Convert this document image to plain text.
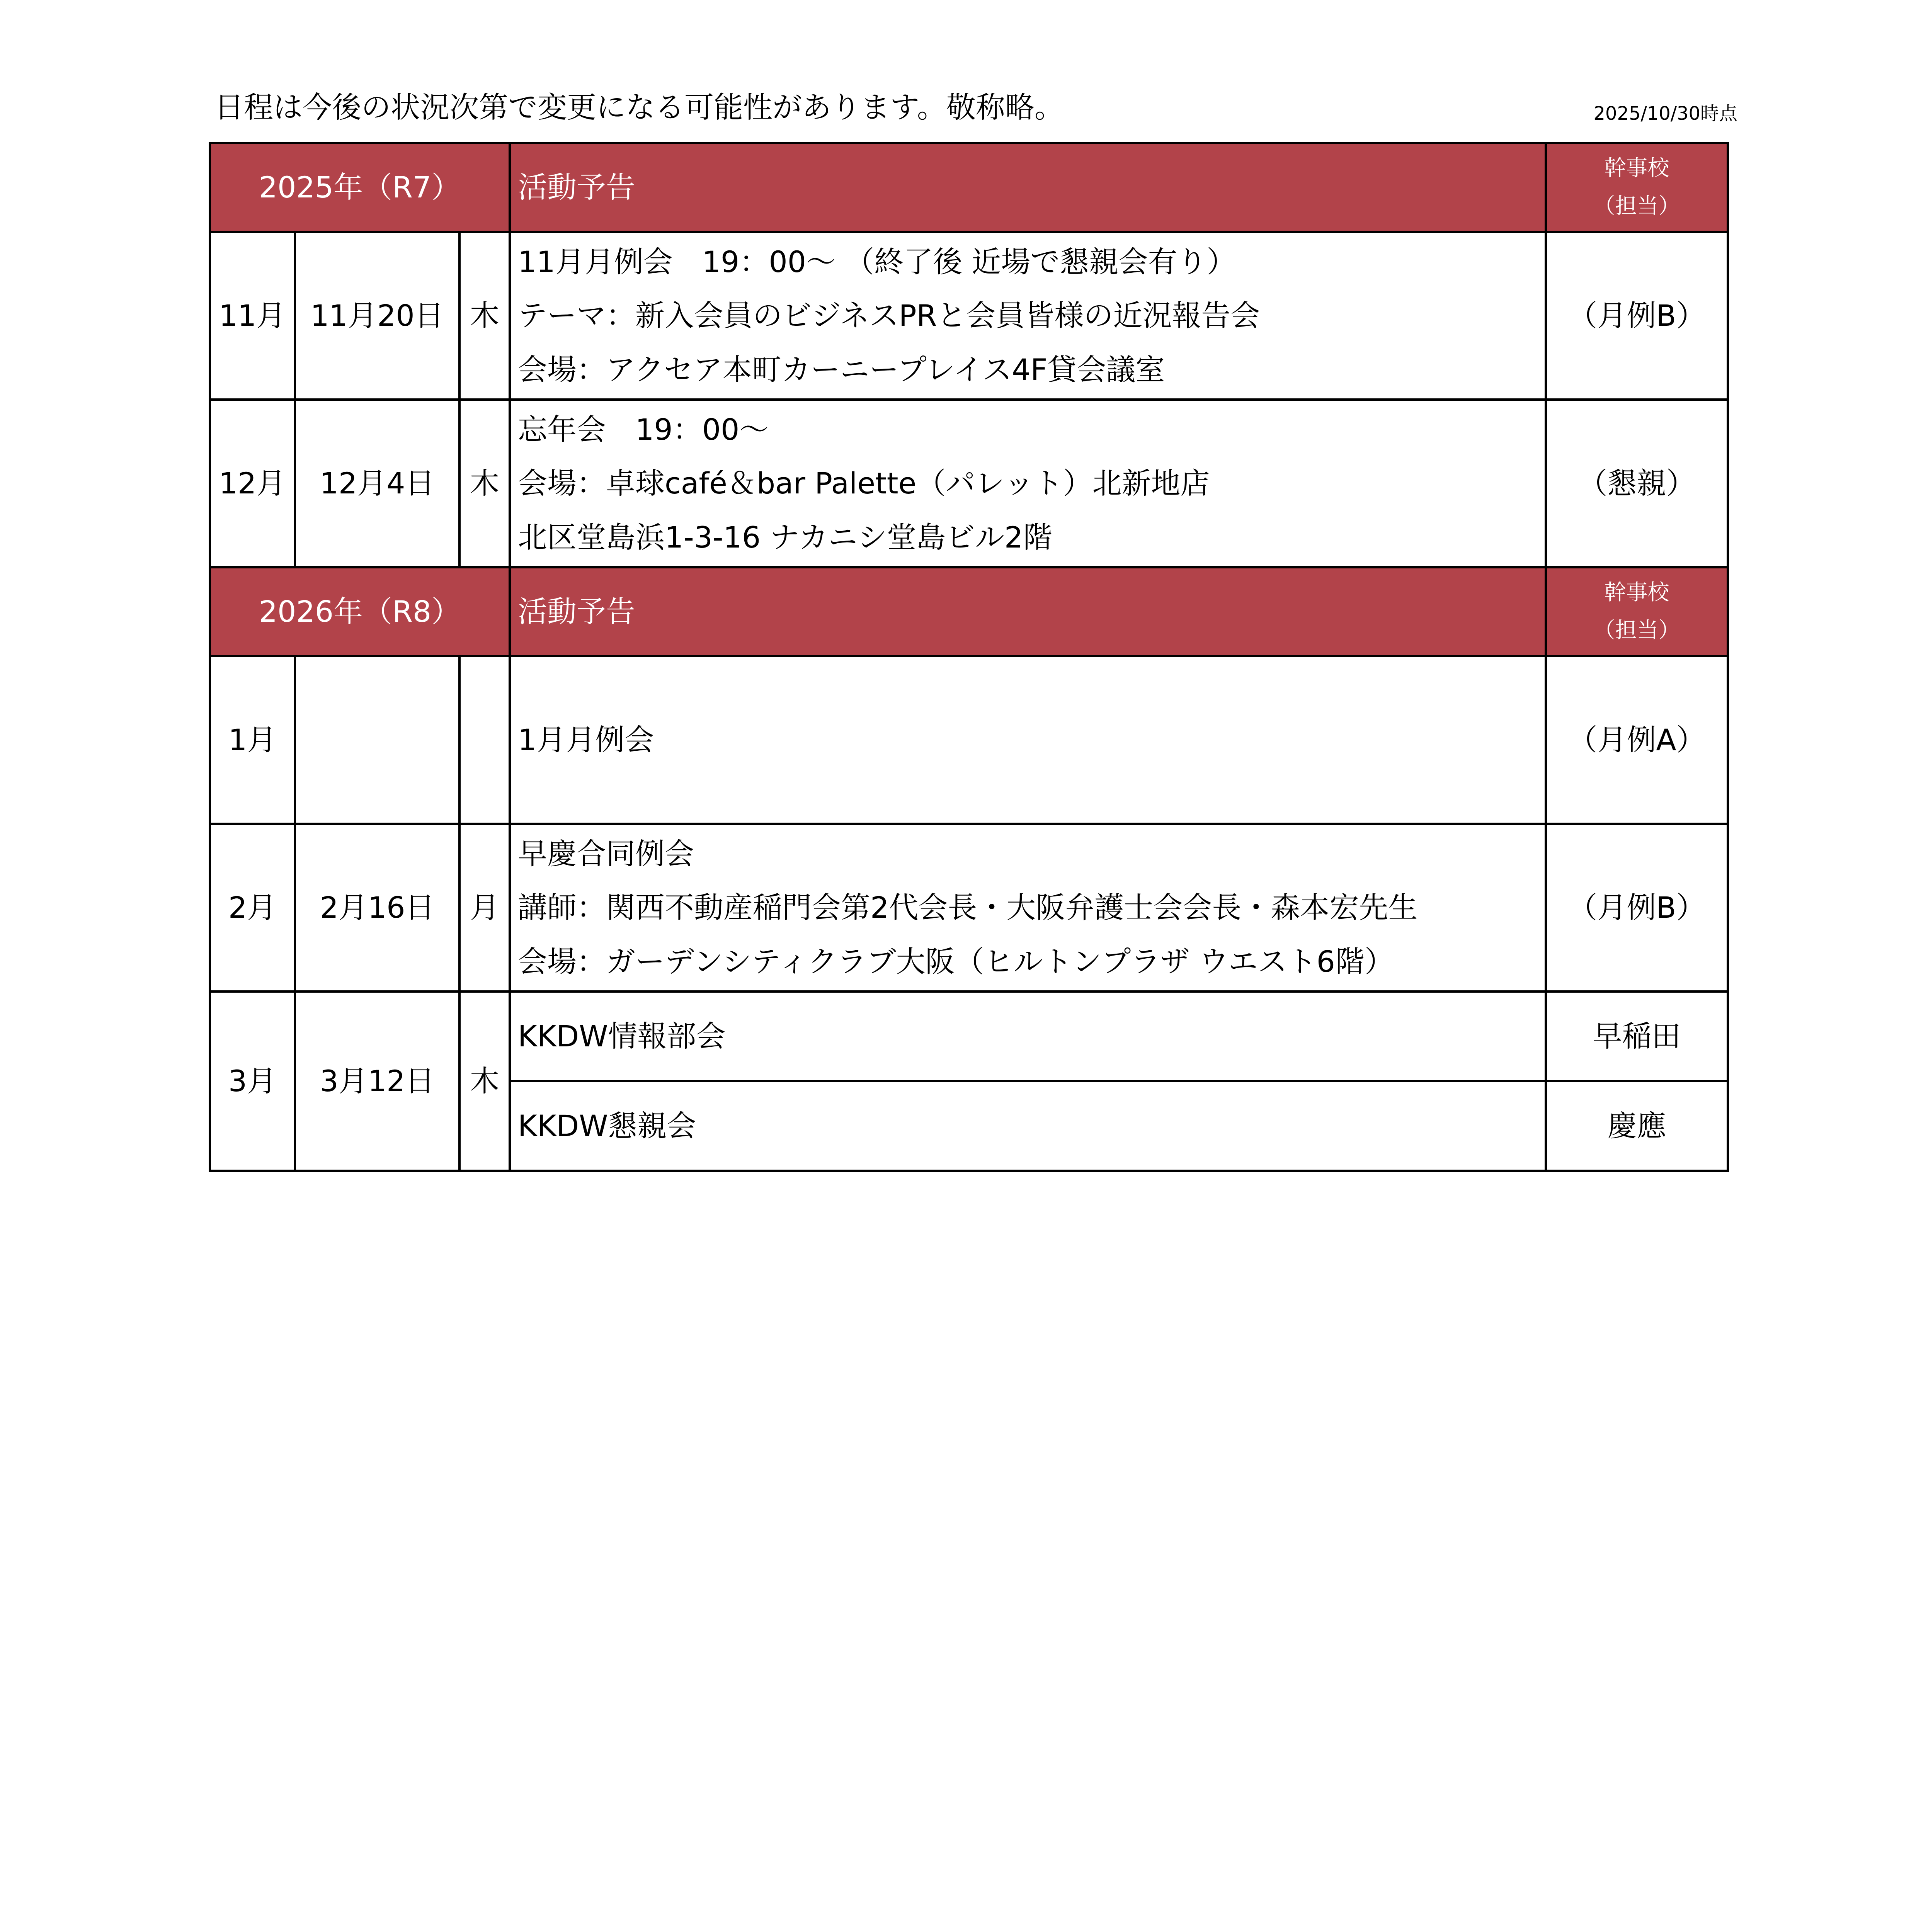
日程は今後の状況次第で変更になる可能性があります。敬称略。	2025/10/30時点
2025年（R7）			活動予告	幹事校
（担当）

11月	11月20日	木	11月月例会　19：00～ （終了後 近場で懇親会有り）
テーマ：新入会員のビジネスPRと会員皆様の近況報告会
会場：アクセア本町カーニープレイス4F貸会議室	（月例B）
12月	12月4日	木	忘年会　19：00～
会場：卓球café＆bar Palette（パレット）北新地店
北区堂島浜1-3-16 ナカニシ堂島ビル2階	（懇親）
2026年（R8）			活動予告	幹事校
（担当）

1月			1月月例会	（月例A）
2月	2月16日	月	早慶合同例会
講師：関西不動産稲門会第2代会長・大阪弁護士会会長・森本宏先生
会場：ガーデンシティクラブ大阪（ヒルトンプラザ ウエスト6階）	（月例B）
3月	3月12日	木	KKDW情報部会	早稲田

			KKDW懇親会	慶應
